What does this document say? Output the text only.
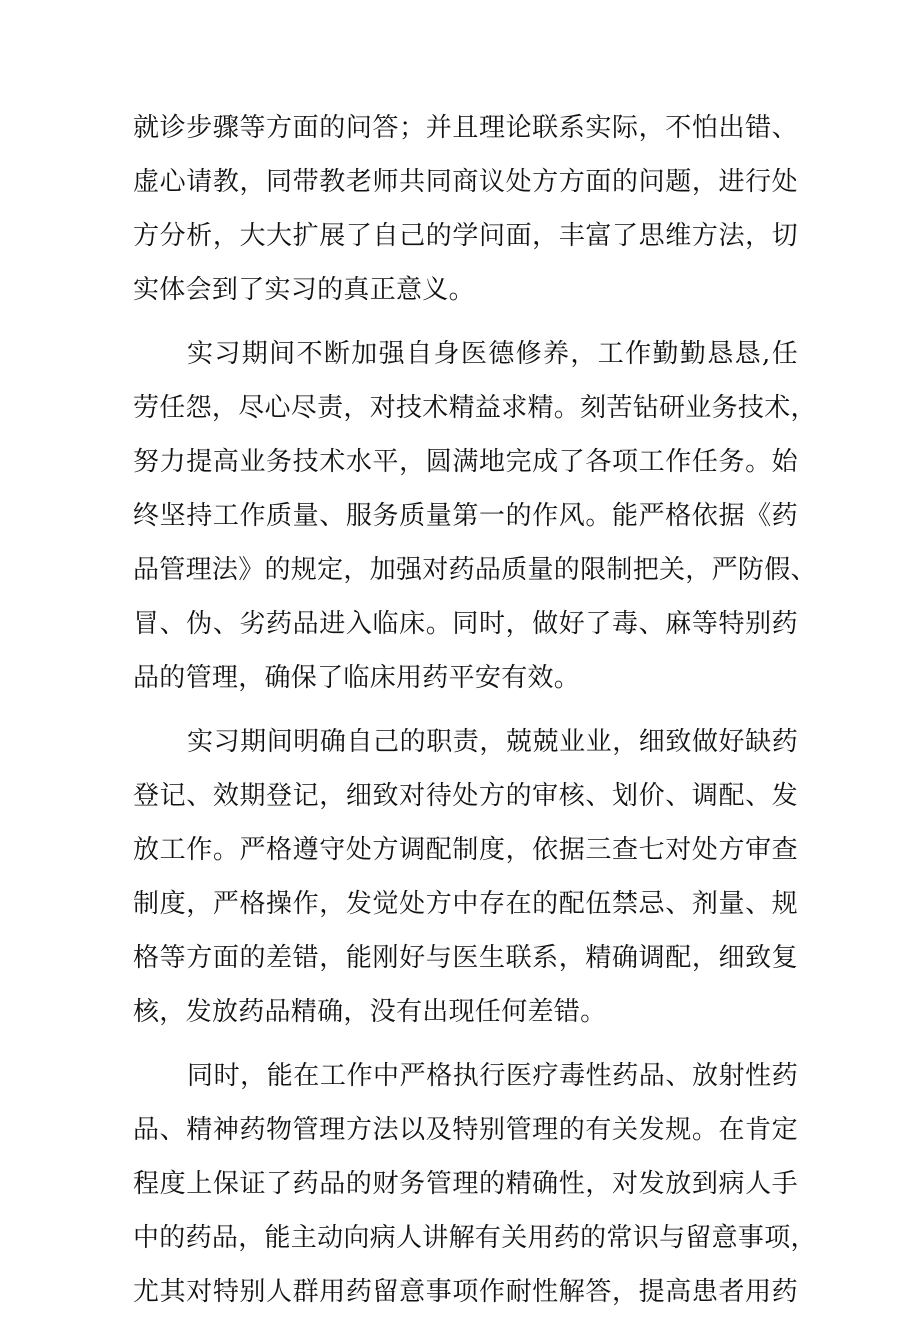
就诊步骤等方面的问答；并且理论联系实际，不怕出错、
虚心请教，同带教老师共同商议处方方面的问题，进行处
方分析，大大扩展了自己的学问面，丰富了思维方法，切
实体会到了实习的真正意义。
实习期间不断加强自身医德修养，工作勤勤恳恳,任
劳任怨，尽心尽责，对技术精益求精。刻苦钻研业务技术，
努力提高业务技术水平，圆满地完成了各项工作任务。始
终坚持工作质量、服务质量第一的作风。能严格依据《药
品管理法》的规定，加强对药品质量的限制把关，严防假、
冒、伪、劣药品进入临床。同时，做好了毒、麻等特别药
品的管理，确保了临床用药平安有效。
实习期间明确自己的职责，兢兢业业，细致做好缺药
登记、效期登记，细致对待处方的审核、划价、调配、发
放工作。严格遵守处方调配制度，依据三查七对处方审查
制度，严格操作，发觉处方中存在的配伍禁忌、剂量、规
格等方面的差错，能刚好与医生联系，精确调配，细致复
核，发放药品精确，没有出现任何差错。
同时，能在工作中严格执行医疗毒性药品、放射性药
品、精神药物管理方法以及特别管理的有关发规。在肯定
程度上保证了药品的财务管理的精确性，对发放到病人手
中的药品，能主动向病人讲解有关用药的常识与留意事项，
尤其对特别人群用药留意事项作耐性解答，提高患者用药
